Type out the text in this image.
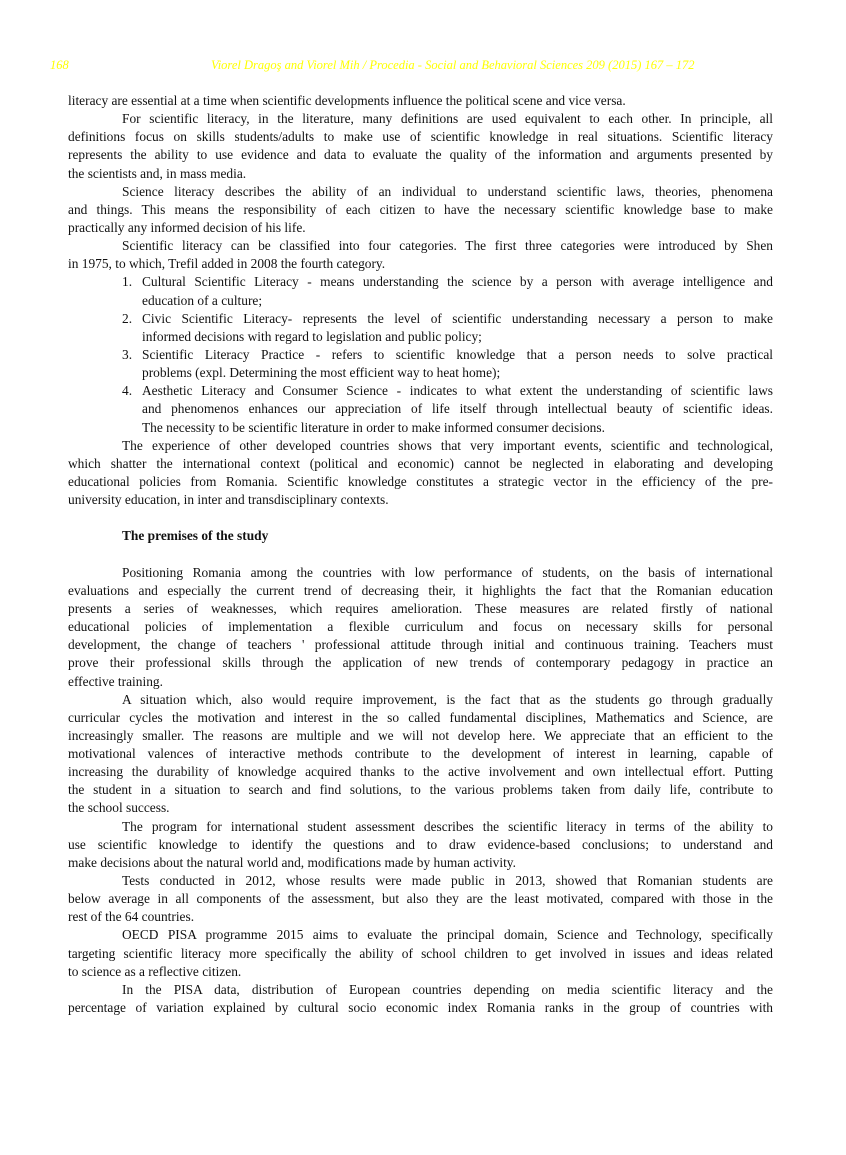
168	Viorel Dragoş and Viorel Mih / Procedia - Social and Behavioral Sciences 209 (2015) 167 – 172
literacy are essential at a time when scientific developments influence the political scene and vice versa.
For scientific literacy, in the literature, many definitions are used equivalent to each other. In principle, all
definitions focus on skills students/adults to make use of scientific knowledge in real situations. Scientific literacy
represents the ability to use evidence and data to evaluate the quality of the information and arguments presented by
the scientists and, in mass media.
Science literacy describes the ability of an individual to understand scientific laws, theories, phenomena
and things. This means the responsibility of each citizen to have the necessary scientific knowledge base to make
practically any informed decision of his life.
Scientific literacy can be classified into four categories. The first three categories were introduced by Shen
in 1975, to which, Trefil added in 2008 the fourth category.
1. Cultural Scientific Literacy - means understanding the science by a person with average intelligence and
education of a culture;
2. Civic Scientific Literacy- represents the level of scientific understanding necessary a person to make
informed decisions with regard to legislation and public policy;
3. Scientific Literacy Practice - refers to scientific knowledge that a person needs to solve practical
problems (expl. Determining the most efficient way to heat home);
4. Aesthetic Literacy and Consumer Science - indicates to what extent the understanding of scientific laws
and phenomenos enhances our appreciation of life itself through intellectual beauty of scientific ideas.
The necessity to be scientific literature in order to make informed consumer decisions.
The experience of other developed countries shows that very important events, scientific and technological,
which shatter the international context (political and economic) cannot be neglected in elaborating and developing
educational policies from Romania. Scientific knowledge constitutes a strategic vector in the efficiency of the pre-
university education, in inter and transdisciplinary contexts.
The premises of the study
Positioning Romania among the countries with low performance of students, on the basis of international
evaluations and especially the current trend of decreasing their, it highlights the fact that the Romanian education
presents a series of weaknesses, which requires amelioration. These measures are related firstly of national
educational policies of implementation a flexible curriculum and focus on necessary skills for personal
development, the change of teachers ' professional attitude through initial and continuous training. Teachers must
prove their professional skills through the application of new trends of contemporary pedagogy in practice an
effective training.
A situation which, also would require improvement, is the fact that as the students go through gradually
curricular cycles the motivation and interest in the so called fundamental disciplines, Mathematics and Science, are
increasingly smaller. The reasons are multiple and we will not develop here. We appreciate that an efficient to the
motivational valences of interactive methods contribute to the development of interest in learning, capable of
increasing the durability of knowledge acquired thanks to the active involvement and own intellectual effort. Putting
the student in a situation to search and find solutions, to the various problems taken from daily life, contribute to
the school success.
The program for international student assessment describes the scientific literacy in terms of the ability to
use scientific knowledge to identify the questions and to draw evidence-based conclusions; to understand and
make decisions about the natural world and, modifications made by human activity.
Tests conducted in 2012, whose results were made public in 2013, showed that Romanian students are
below average in all components of the assessment, but also they are the least motivated, compared with those in the
rest of the 64 countries.
OECD PISA programme 2015 aims to evaluate the principal domain, Science and Technology, specifically
targeting scientific literacy more specifically the ability of school children to get involved in issues and ideas related
to science as a reflective citizen.
In the PISA data, distribution of European countries depending on media scientific literacy and the
percentage of variation explained by cultural socio economic index Romania ranks in the group of countries with
